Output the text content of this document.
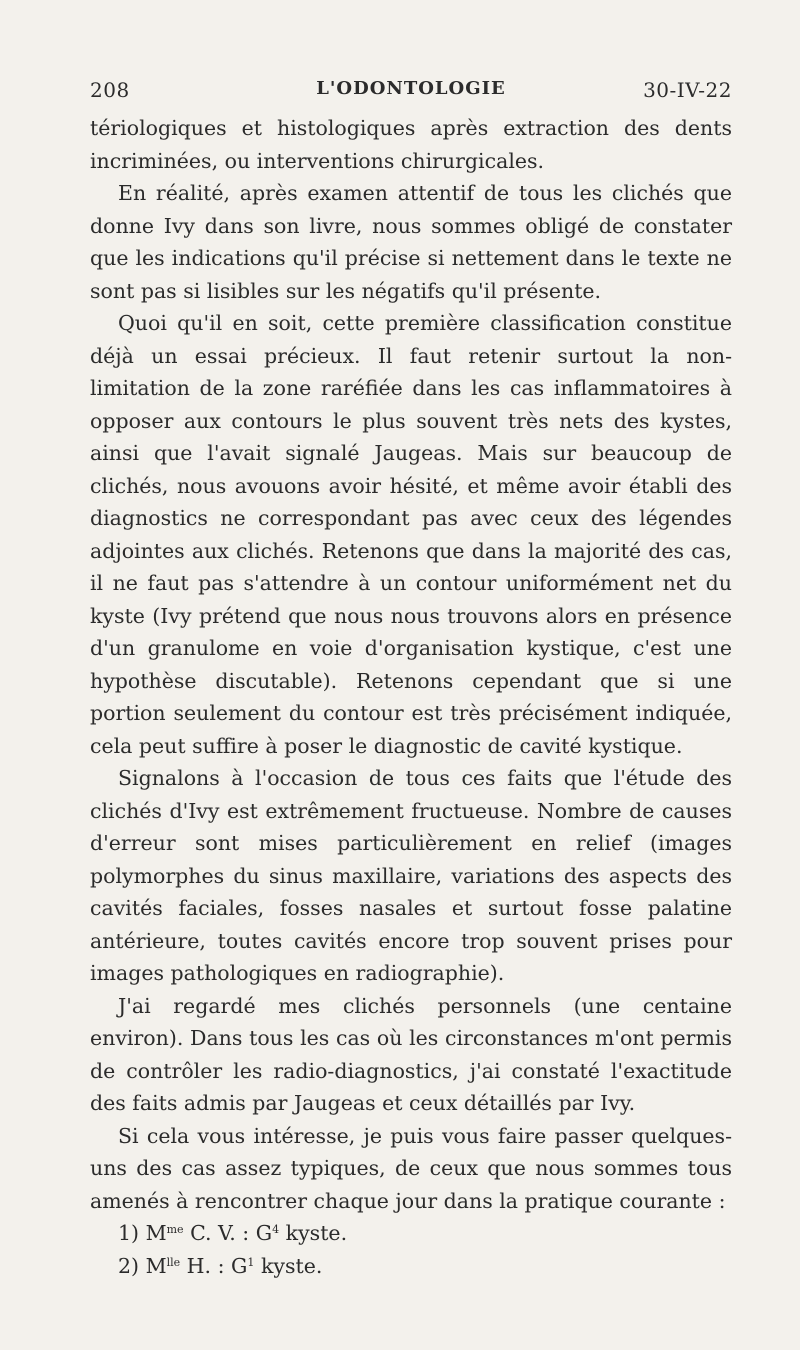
208	L'ODONTOLOGIE	30-IV-22

tériologiques et histologiques après extraction des dents incriminées, ou interventions chirurgicales.

En réalité, après examen attentif de tous les clichés que donne Ivy dans son livre, nous sommes obligé de constater que les indications qu'il précise si nettement dans le texte ne sont pas si lisibles sur les négatifs qu'il présente.

Quoi qu'il en soit, cette première classification constitue déjà un essai précieux. Il faut retenir surtout la non-limitation de la zone raréfiée dans les cas inflammatoires à opposer aux contours le plus souvent très nets des kystes, ainsi que l'avait signalé Jaugeas. Mais sur beaucoup de clichés, nous avouons avoir hésité, et même avoir établi des diagnostics ne correspondant pas avec ceux des légendes adjointes aux clichés. Retenons que dans la majorité des cas, il ne faut pas s'attendre à un contour uniformément net du kyste (Ivy prétend que nous nous trouvons alors en présence d'un granulome en voie d'organisation kystique, c'est une hypothèse discutable). Retenons cependant que si une portion seulement du contour est très précisément indiquée, cela peut suffire à poser le diagnostic de cavité kystique.

Signalons à l'occasion de tous ces faits que l'étude des clichés d'Ivy est extrêmement fructueuse. Nombre de causes d'erreur sont mises particulièrement en relief (images polymorphes du sinus maxillaire, variations des aspects des cavités faciales, fosses nasales et surtout fosse palatine antérieure, toutes cavités encore trop souvent prises pour images pathologiques en radiographie).

J'ai regardé mes clichés personnels (une centaine environ). Dans tous les cas où les circonstances m'ont permis de contrôler les radio-diagnostics, j'ai constaté l'exactitude des faits admis par Jaugeas et ceux détaillés par Ivy.

Si cela vous intéresse, je puis vous faire passer quelques-uns des cas assez typiques, de ceux que nous sommes tous amenés à rencontrer chaque jour dans la pratique courante :

1) $M^{me}$ C. V. : $G^4$ kyste.
2) $M^{lle}$ H. : $G^1$ kyste.
